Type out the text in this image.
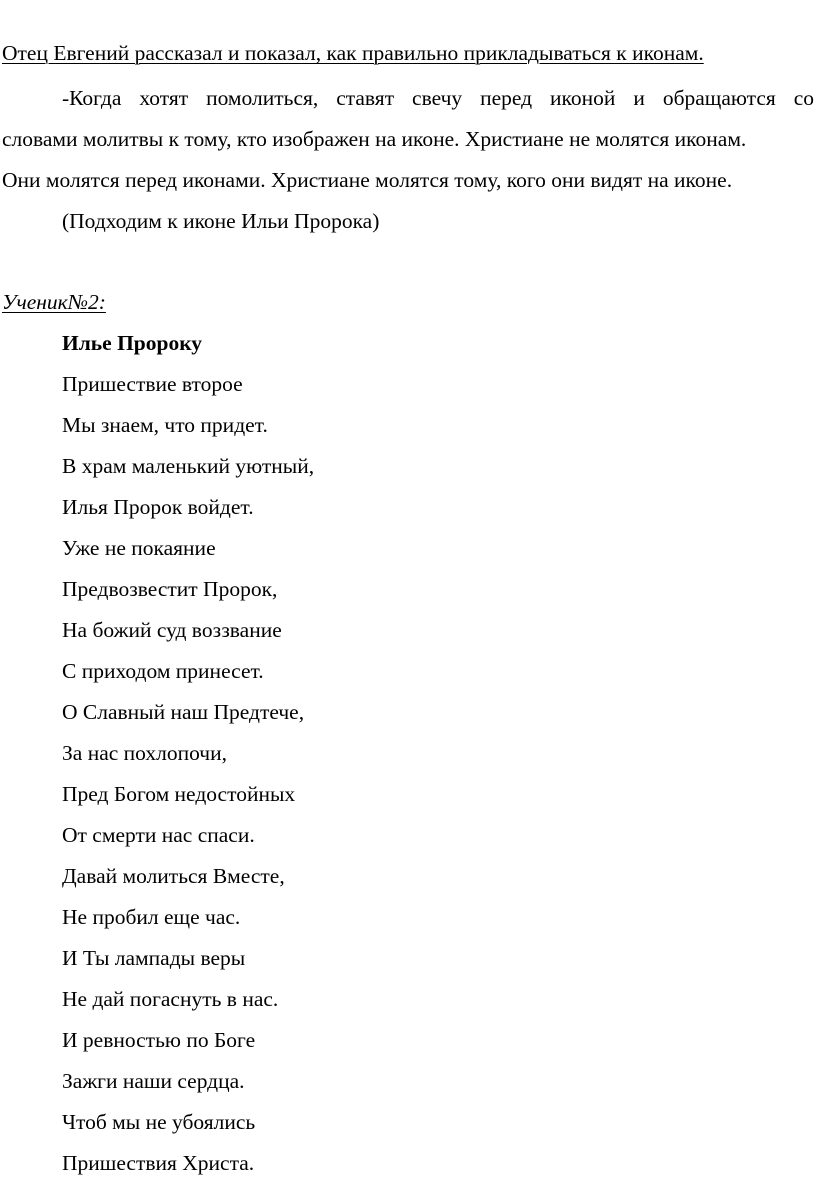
Отец Евгений рассказал и показал, как правильно прикладываться к иконам.
-Когда хотят помолиться, ставят свечу перед иконой и обращаются со
словами молитвы к тому, кто изображен на иконе. Христиане не молятся иконам.
Они молятся перед иконами. Христиане молятся тому, кого они видят на иконе.
(Подходим к иконе Ильи Пророка)
Ученик№2:
Илье Пророку
Пришествие второе
Мы знаем, что придет.
В храм маленький уютный,
Илья Пророк войдет.
Уже не покаяние
Предвозвестит Пророк,
На божий суд воззвание
С приходом принесет.
О Славный наш Предтече,
За нас похлопочи,
Пред Богом недостойных
От смерти нас спаси.
Давай молиться Вместе,
Не пробил еще час.
И Ты лампады веры
Не дай погаснуть в нас.
И ревностью по Боге
Зажги наши сердца.
Чтоб мы не убоялись
Пришествия Христа.
